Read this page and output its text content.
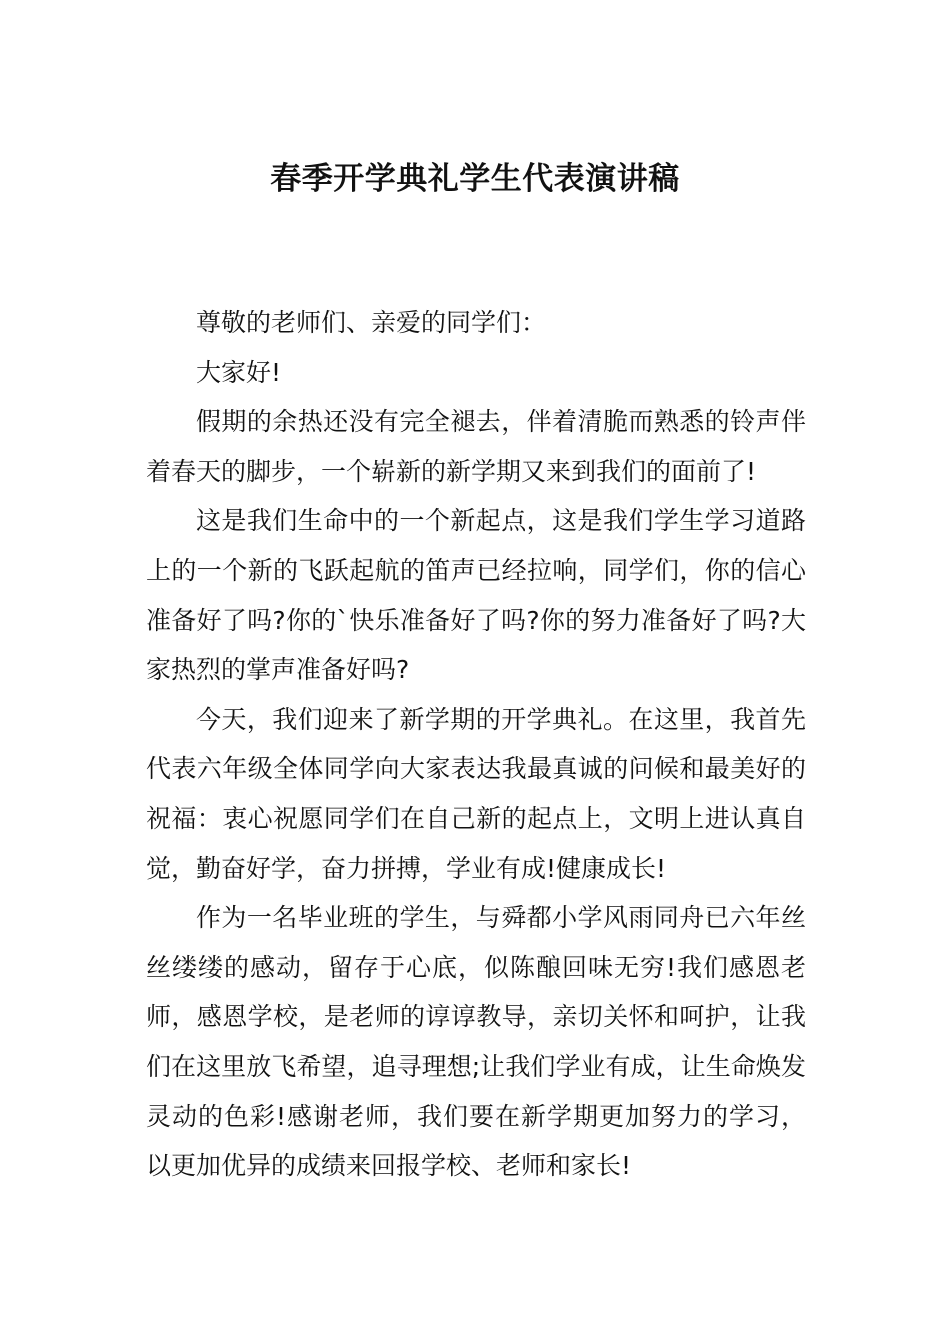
春季开学典礼学生代表演讲稿

尊敬的老师们、亲爱的同学们：

大家好!

假期的余热还没有完全褪去，伴着清脆而熟悉的铃声伴着春天的脚步，一个崭新的新学期又来到我们的面前了!

这是我们生命中的一个新起点，这是我们学生学习道路上的一个新的飞跃起航的笛声已经拉响，同学们，你的信心准备好了吗?你的`快乐准备好了吗?你的努力准备好了吗?大家热烈的掌声准备好吗?

今天，我们迎来了新学期的开学典礼。在这里，我首先代表六年级全体同学向大家表达我最真诚的问候和最美好的祝福：衷心祝愿同学们在自己新的起点上，文明上进认真自觉，勤奋好学，奋力拼搏，学业有成!健康成长!

作为一名毕业班的学生，与舜都小学风雨同舟已六年丝丝缕缕的感动，留存于心底，似陈酿回味无穷!我们感恩老师，感恩学校，是老师的谆谆教导，亲切关怀和呵护，让我们在这里放飞希望，追寻理想;让我们学业有成，让生命焕发灵动的色彩!感谢老师，我们要在新学期更加努力的学习，以更加优异的成绩来回报学校、老师和家长!
